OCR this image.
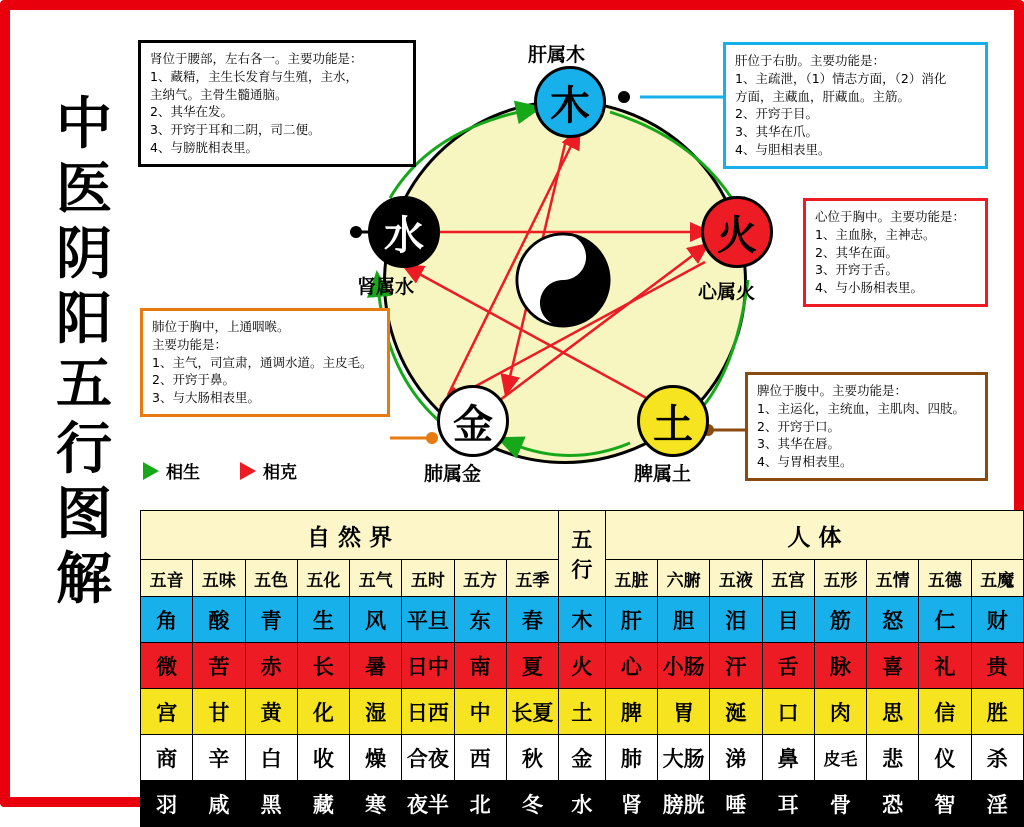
中
医
阴
阳
五
行
图
解
木
火
土
金
水
肝属木
心属火
脾属土
肺属金
肾属水
肾位于腰部，左右各一。主要功能是：
1、藏精，主生长发育与生殖，主水，
主纳气。主骨生髓通脑。
2、其华在发。
3、开窍于耳和二阴，司二便。
4、与膀胱相表里。
肝位于右肋。主要功能是：
1、主疏泄，（1）情志方面，（2）消化
方面，主藏血，肝藏血。主筋。
2、开窍于目。
3、其华在爪。
4、与胆相表里。
心位于胸中。主要功能是：
1、主血脉，主神志。
2、其华在面。
3、开窍于舌。
4、与小肠相表里。
脾位于腹中。主要功能是：
1、主运化，主统血，主肌肉、四肢。
2、开窍于口。
3、其华在唇。
4、与胃相表里。
肺位于胸中，上通咽喉。
主要功能是：
1、主气，司宣肃，通调水道。主皮毛。
2、开窍于鼻。
3、与大肠相表里。
相生	相克
自 然 界								五
行	人 体							
五音	五味	五色	五化	五气	五时	五方	五季		五脏	六腑	五液	五宫	五形	五情	五德	五魔
角	酸	青	生	风	平旦	东	春	木	肝	胆	泪	目	筋	怒	仁	财
微	苦	赤	长	暑	日中	南	夏	火	心	小肠	汗	舌	脉	喜	礼	贵
宫	甘	黄	化	湿	日西	中	长夏	土	脾	胃	涎	口	肉	思	信	胜
商	辛	白	收	燥	合夜	西	秋	金	肺	大肠	涕	鼻	皮毛	悲	仪	杀
羽	咸	黑	藏	寒	夜半	北	冬	水	肾	膀胱	唾	耳	骨	恐	智	淫
